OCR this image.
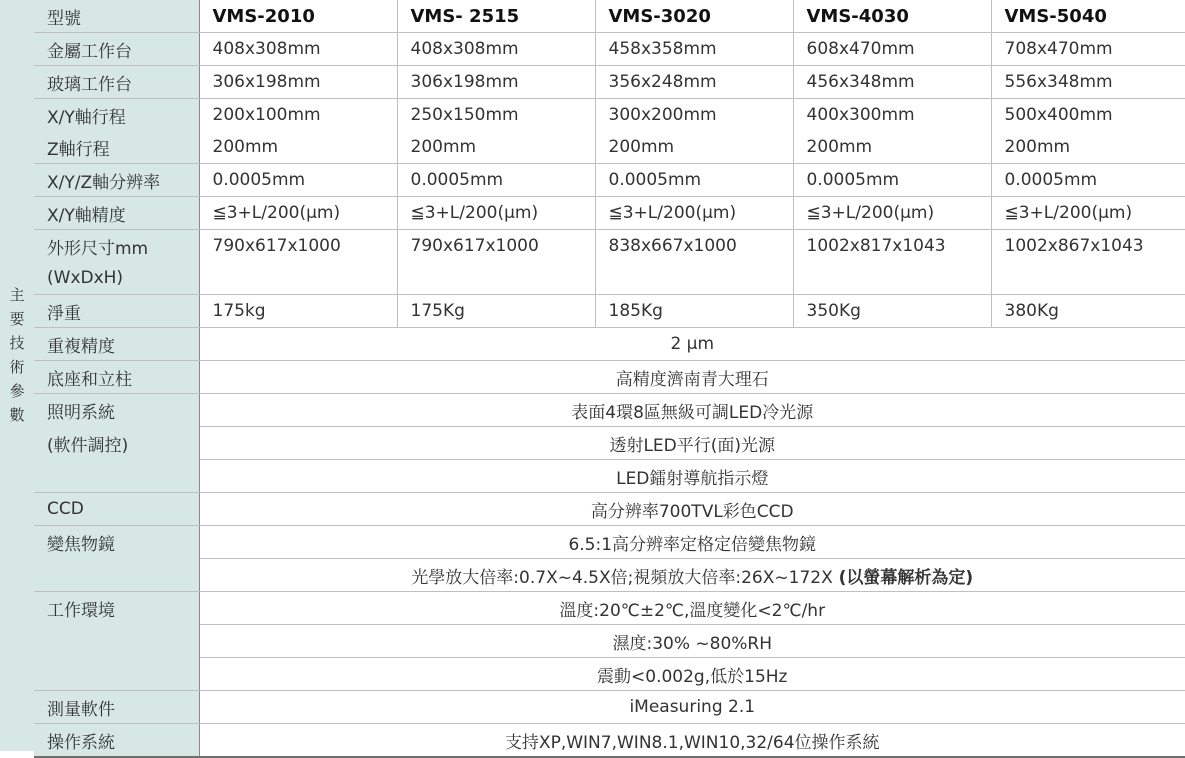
主
要
技
術
參
數
型號	VMS-2010	VMS- 2515	VMS-3020	VMS-4030	VMS-5040
金屬工作台	408x308mm	408x308mm	458x358mm	608x470mm	708x470mm
玻璃工作台	306x198mm	306x198mm	356x248mm	456x348mm	556x348mm
X/Y軸行程	200x100mm	250x150mm	300x200mm	400x300mm	500x400mm
Z軸行程	200mm	200mm	200mm	200mm	200mm
X/Y/Z軸分辨率	0.0005mm	0.0005mm	0.0005mm	0.0005mm	0.0005mm
X/Y軸精度	≦3+L/200(µm)	≦3+L/200(µm)	≦3+L/200(µm)	≦3+L/200(µm)	≦3+L/200(µm)
外形尺寸mm	790x617x1000	790x617x1000	838x667x1000	1002x817x1043	1002x867x1043
(WxDxH)					
淨重	175kg	175Kg	185Kg	350Kg	380Kg
重複精度	2 µm				
底座和立柱	高精度濟南青大理石				
照明系統	表面4環8區無級可調LED冷光源				
(軟件調控)	透射LED平行(面)光源				
	LED鐳射導航指示燈				
CCD	高分辨率700TVL彩色CCD				
變焦物鏡	6.5:1高分辨率定格定倍變焦物鏡				
	光學放大倍率:0.7X~4.5X倍;視頻放大倍率:26X~172X (以螢幕解析為定)				
工作環境	溫度:20℃±2℃,溫度變化<2℃/hr				
	濕度:30% ~80%RH				
	震動<0.002g,低於15Hz				
測量軟件	iMeasuring 2.1				
操作系統	支持XP,WIN7,WIN8.1,WIN10,32/64位操作系統				
